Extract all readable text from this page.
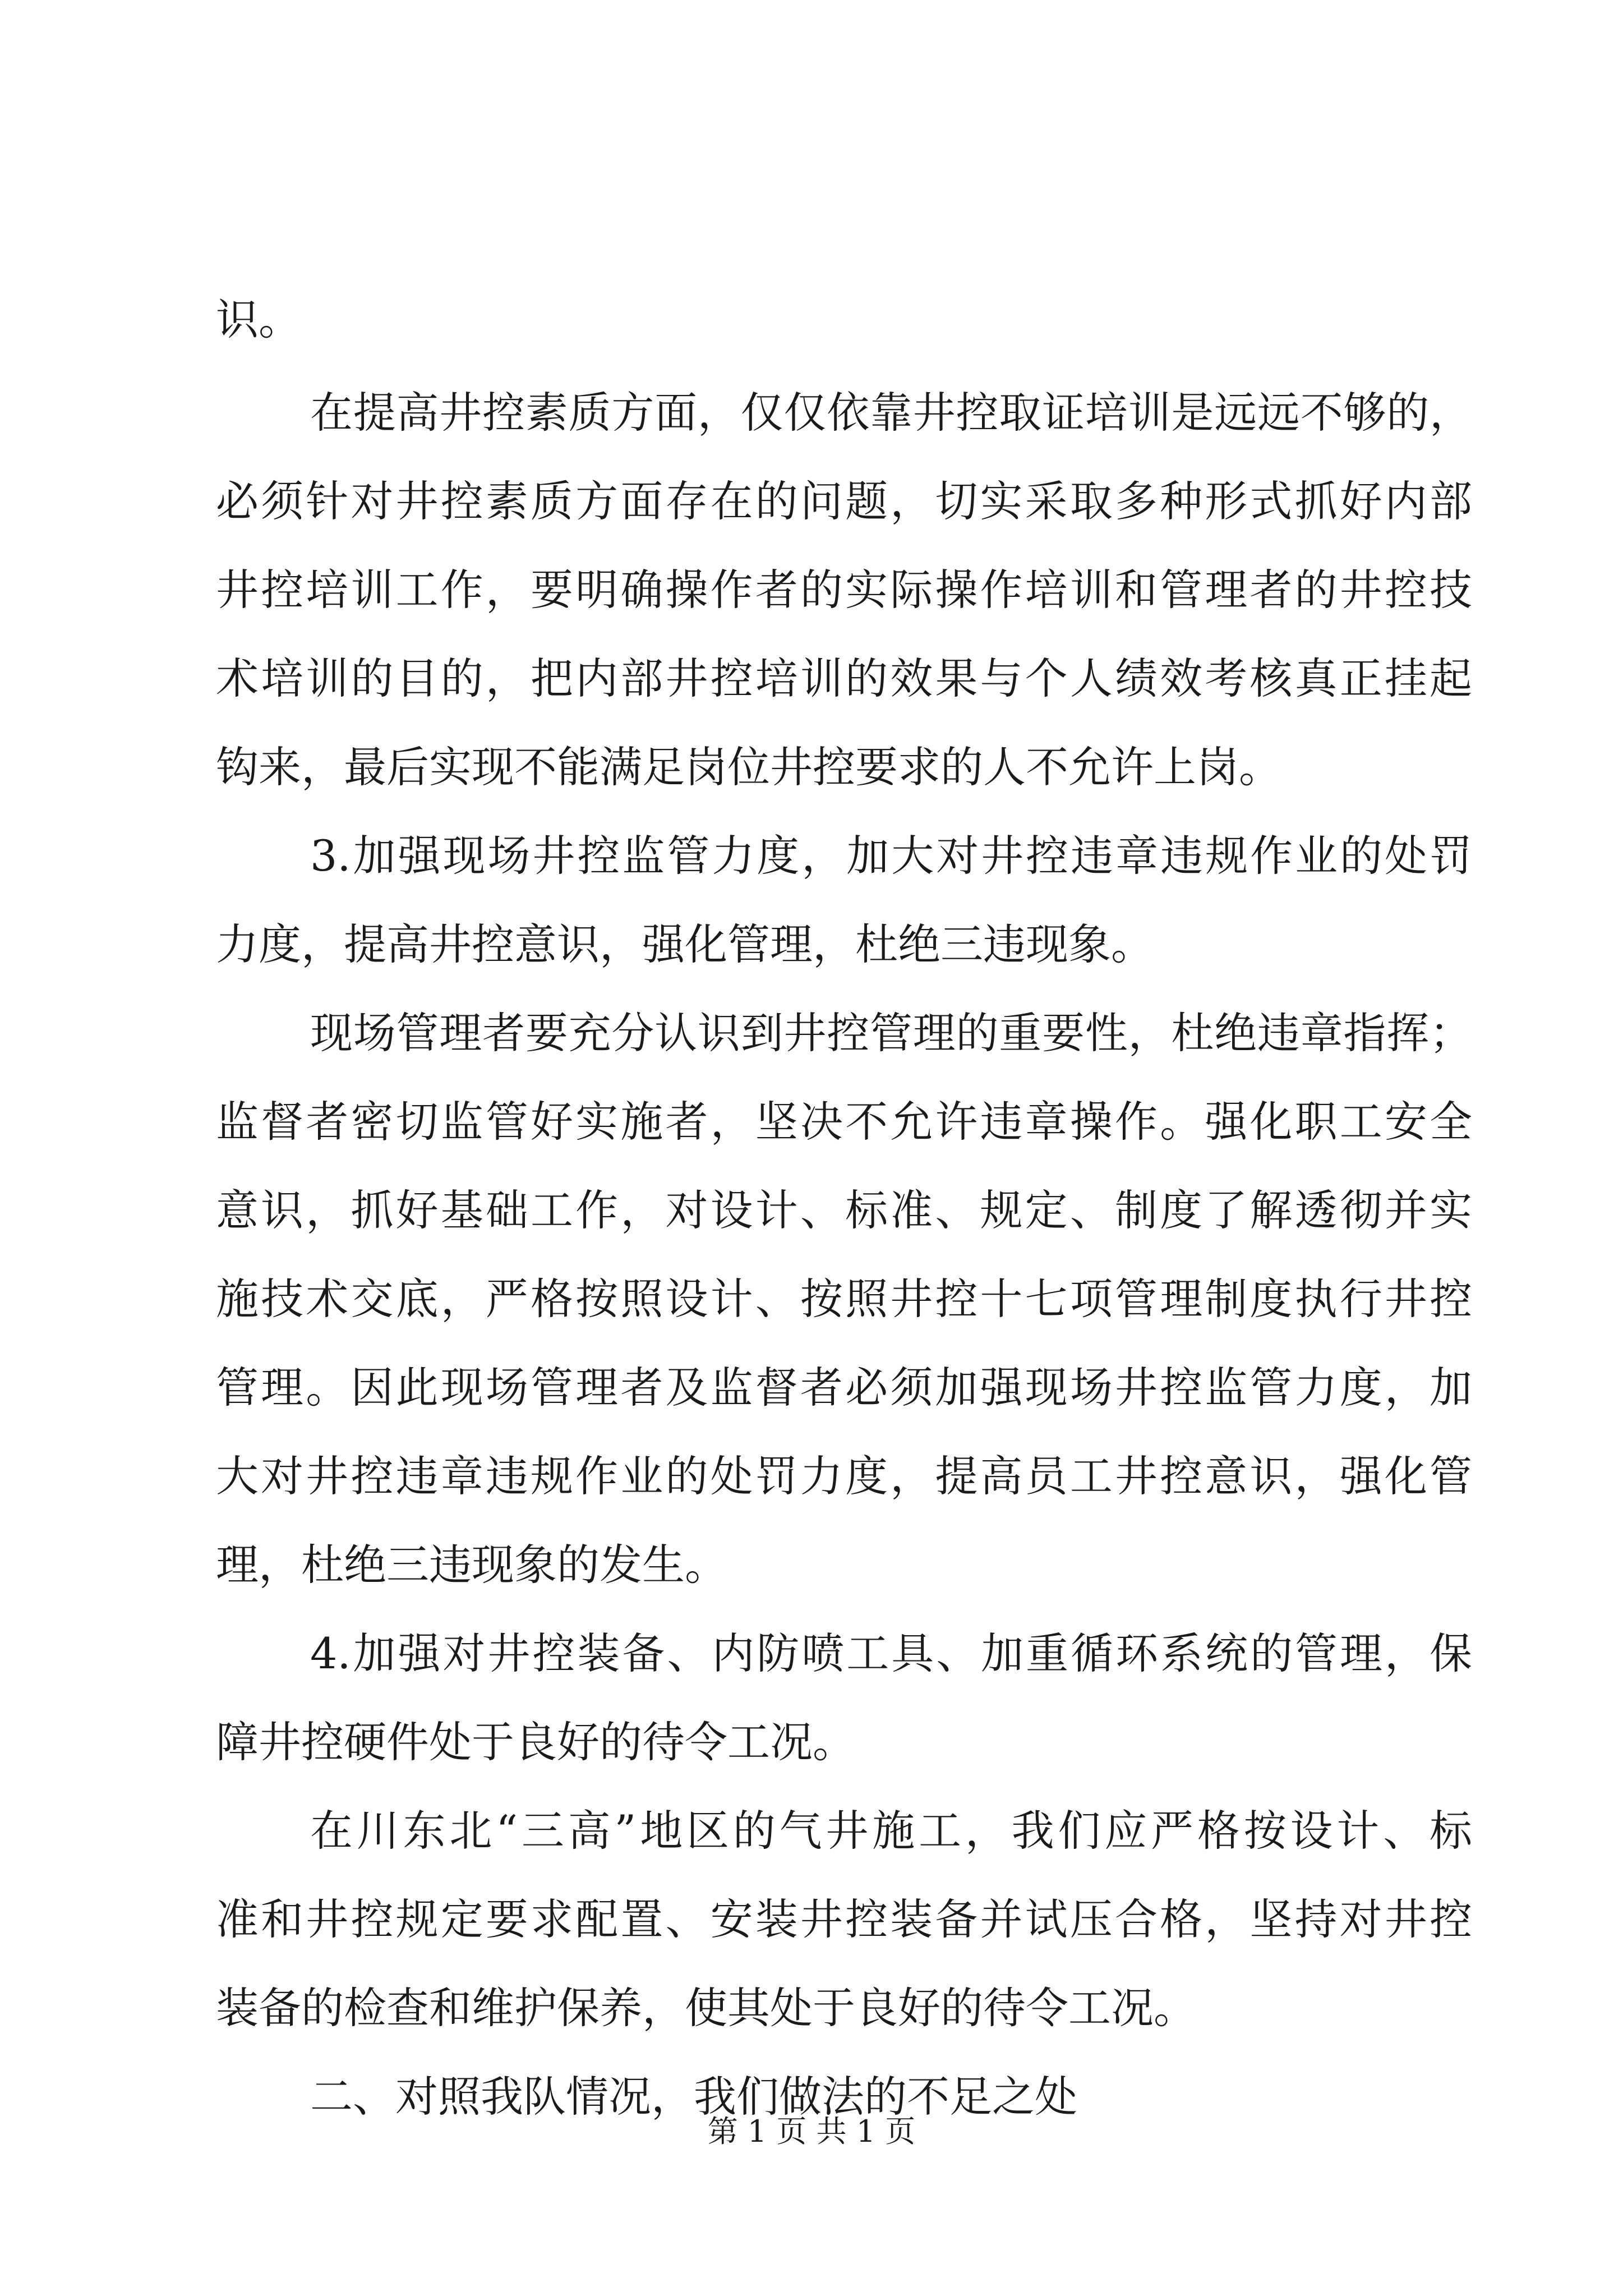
识。
在提高井控素质方面，仅仅依靠井控取证培训是远远不够的，
必须针对井控素质方面存在的问题，切实采取多种形式抓好内部
井控培训工作，要明确操作者的实际操作培训和管理者的井控技
术培训的目的，把内部井控培训的效果与个人绩效考核真正挂起
钩来，最后实现不能满足岗位井控要求的人不允许上岗。
3.加强现场井控监管力度，加大对井控违章违规作业的处罚
力度，提高井控意识，强化管理，杜绝三违现象。
现场管理者要充分认识到井控管理的重要性，杜绝违章指挥；
监督者密切监管好实施者，坚决不允许违章操作。强化职工安全
意识，抓好基础工作，对设计、标准、规定、制度了解透彻并实
施技术交底，严格按照设计、按照井控十七项管理制度执行井控
管理。因此现场管理者及监督者必须加强现场井控监管力度，加
大对井控违章违规作业的处罚力度，提高员工井控意识，强化管
理，杜绝三违现象的发生。
4.加强对井控装备、内防喷工具、加重循环系统的管理，保
障井控硬件处于良好的待令工况。
在川东北“三高”地区的气井施工，我们应严格按设计、标
准和井控规定要求配置、安装井控装备并试压合格，坚持对井控
装备的检查和维护保养，使其处于良好的待令工况。
二、对照我队情况，我们做法的不足之处
第 1 页 共 1 页
